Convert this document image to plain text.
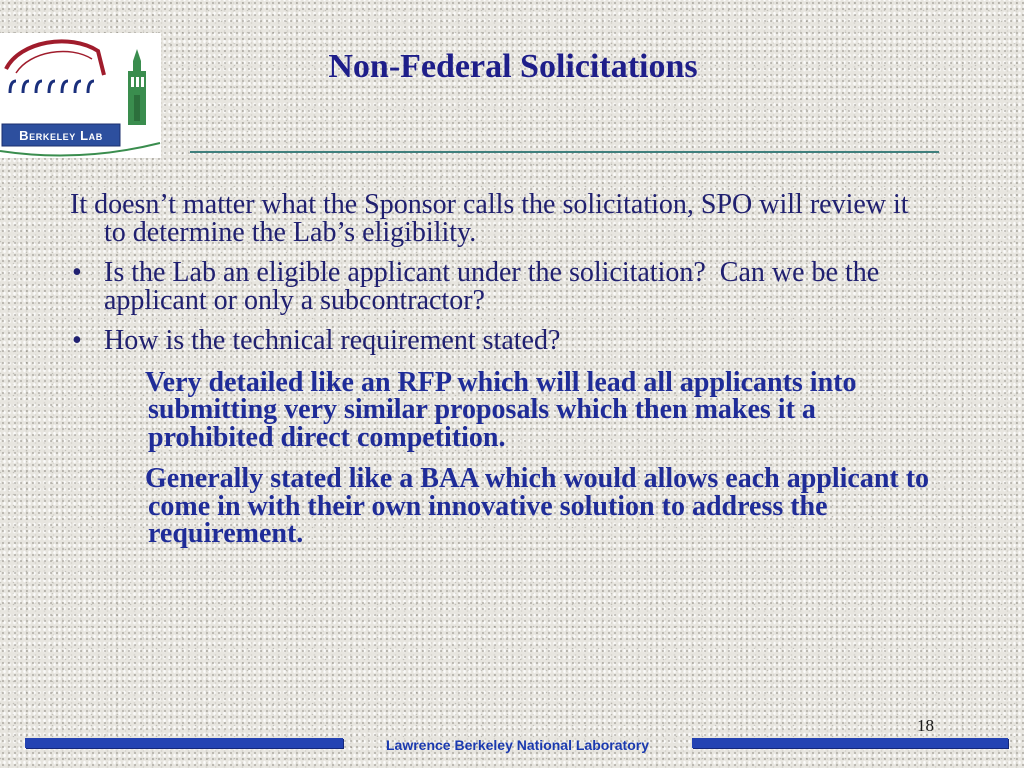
Berkeley Lab
Non-Federal Solicitations

It doesn’t matter what the Sponsor calls the solicitation, SPO will review it to determine the Lab’s eligibility.

• Is the Lab an eligible applicant under the solicitation?  Can we be the applicant or only a subcontractor?

• How is the technical requirement stated?

Very detailed like an RFP which will lead all applicants into submitting very similar proposals which then makes it a prohibited direct competition.

Generally stated like a BAA which would allows each applicant to come in with their own innovative solution to address the requirement.

18
Lawrence Berkeley National Laboratory
